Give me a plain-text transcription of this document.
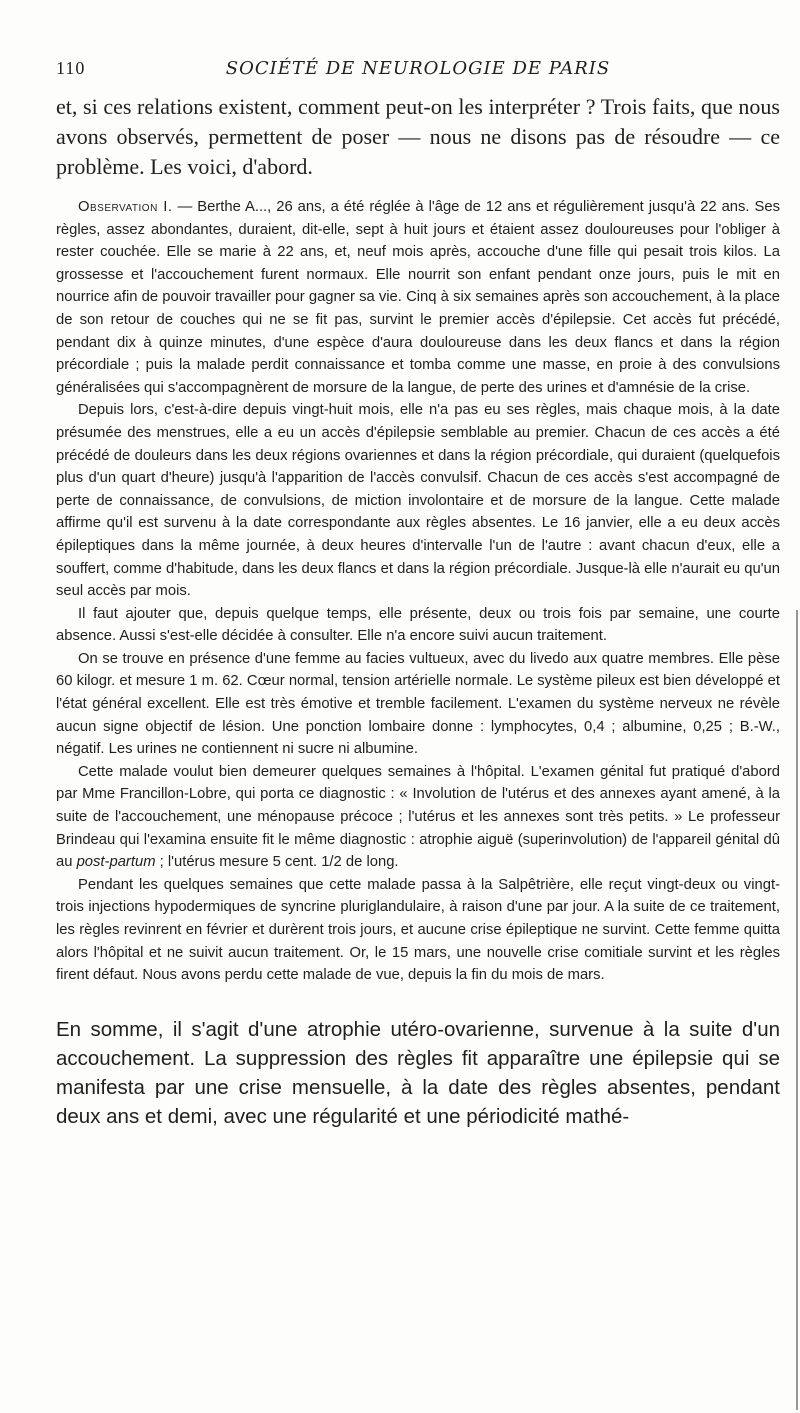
110	SOCIÉTÉ DE NEUROLOGIE DE PARIS

et, si ces relations existent, comment peut-on les interpréter ? Trois faits, que nous avons observés, permettent de poser — nous ne disons pas de résoudre — ce problème. Les voici, d'abord.

Observation I. — Berthe A..., 26 ans, a été réglée à l'âge de 12 ans et régulièrement jusqu'à 22 ans. Ses règles, assez abondantes, duraient, dit-elle, sept à huit jours et étaient assez douloureuses pour l'obliger à rester couchée. Elle se marie à 22 ans, et, neuf mois après, accouche d'une fille qui pesait trois kilos. La grossesse et l'accouchement furent normaux. Elle nourrit son enfant pendant onze jours, puis le mit en nourrice afin de pouvoir travailler pour gagner sa vie. Cinq à six semaines après son accouchement, à la place de son retour de couches qui ne se fit pas, survint le premier accès d'épilepsie. Cet accès fut précédé, pendant dix à quinze minutes, d'une espèce d'aura douloureuse dans les deux flancs et dans la région précordiale ; puis la malade perdit connaissance et tomba comme une masse, en proie à des convulsions généralisées qui s'accompagnèrent de morsure de la langue, de perte des urines et d'amnésie de la crise.

Depuis lors, c'est-à-dire depuis vingt-huit mois, elle n'a pas eu ses règles, mais chaque mois, à la date présumée des menstrues, elle a eu un accès d'épilepsie semblable au premier. Chacun de ces accès a été précédé de douleurs dans les deux régions ovariennes et dans la région précordiale, qui duraient (quelquefois plus d'un quart d'heure) jusqu'à l'apparition de l'accès convulsif. Chacun de ces accès s'est accompagné de perte de connaissance, de convulsions, de miction involontaire et de morsure de la langue. Cette malade affirme qu'il est survenu à la date correspondante aux règles absentes. Le 16 janvier, elle a eu deux accès épileptiques dans la même journée, à deux heures d'intervalle l'un de l'autre : avant chacun d'eux, elle a souffert, comme d'habitude, dans les deux flancs et dans la région précordiale. Jusque-là elle n'aurait eu qu'un seul accès par mois.

Il faut ajouter que, depuis quelque temps, elle présente, deux ou trois fois par semaine, une courte absence. Aussi s'est-elle décidée à consulter. Elle n'a encore suivi aucun traitement.

On se trouve en présence d'une femme au facies vultueux, avec du livedo aux quatre membres. Elle pèse 60 kilogr. et mesure 1 m. 62. Cœur normal, tension artérielle normale. Le système pileux est bien développé et l'état général excellent. Elle est très émotive et tremble facilement. L'examen du système nerveux ne révèle aucun signe objectif de lésion. Une ponction lombaire donne : lymphocytes, 0,4 ; albumine, 0,25 ; B.-W., négatif. Les urines ne contiennent ni sucre ni albumine.

Cette malade voulut bien demeurer quelques semaines à l'hôpital. L'examen génital fut pratiqué d'abord par Mme Francillon-Lobre, qui porta ce diagnostic : « Involution de l'utérus et des annexes ayant amené, à la suite de l'accouchement, une ménopause précoce ; l'utérus et les annexes sont très petits. » Le professeur Brindeau qui l'examina ensuite fit le même diagnostic : atrophie aiguë (superinvolution) de l'appareil génital dû au post-partum ; l'utérus mesure 5 cent. 1/2 de long.

Pendant les quelques semaines que cette malade passa à la Salpêtrière, elle reçut vingt-deux ou vingt-trois injections hypodermiques de syncrine pluriglandulaire, à raison d'une par jour. A la suite de ce traitement, les règles revinrent en février et durèrent trois jours, et aucune crise épileptique ne survint. Cette femme quitta alors l'hôpital et ne suivit aucun traitement. Or, le 15 mars, une nouvelle crise comitiale survint et les règles firent défaut. Nous avons perdu cette malade de vue, depuis la fin du mois de mars.

En somme, il s'agit d'une atrophie utéro-ovarienne, survenue à la suite d'un accouchement. La suppression des règles fit apparaître une épilepsie qui se manifesta par une crise mensuelle, à la date des règles absentes, pendant deux ans et demi, avec une régularité et une périodicité mathé-
